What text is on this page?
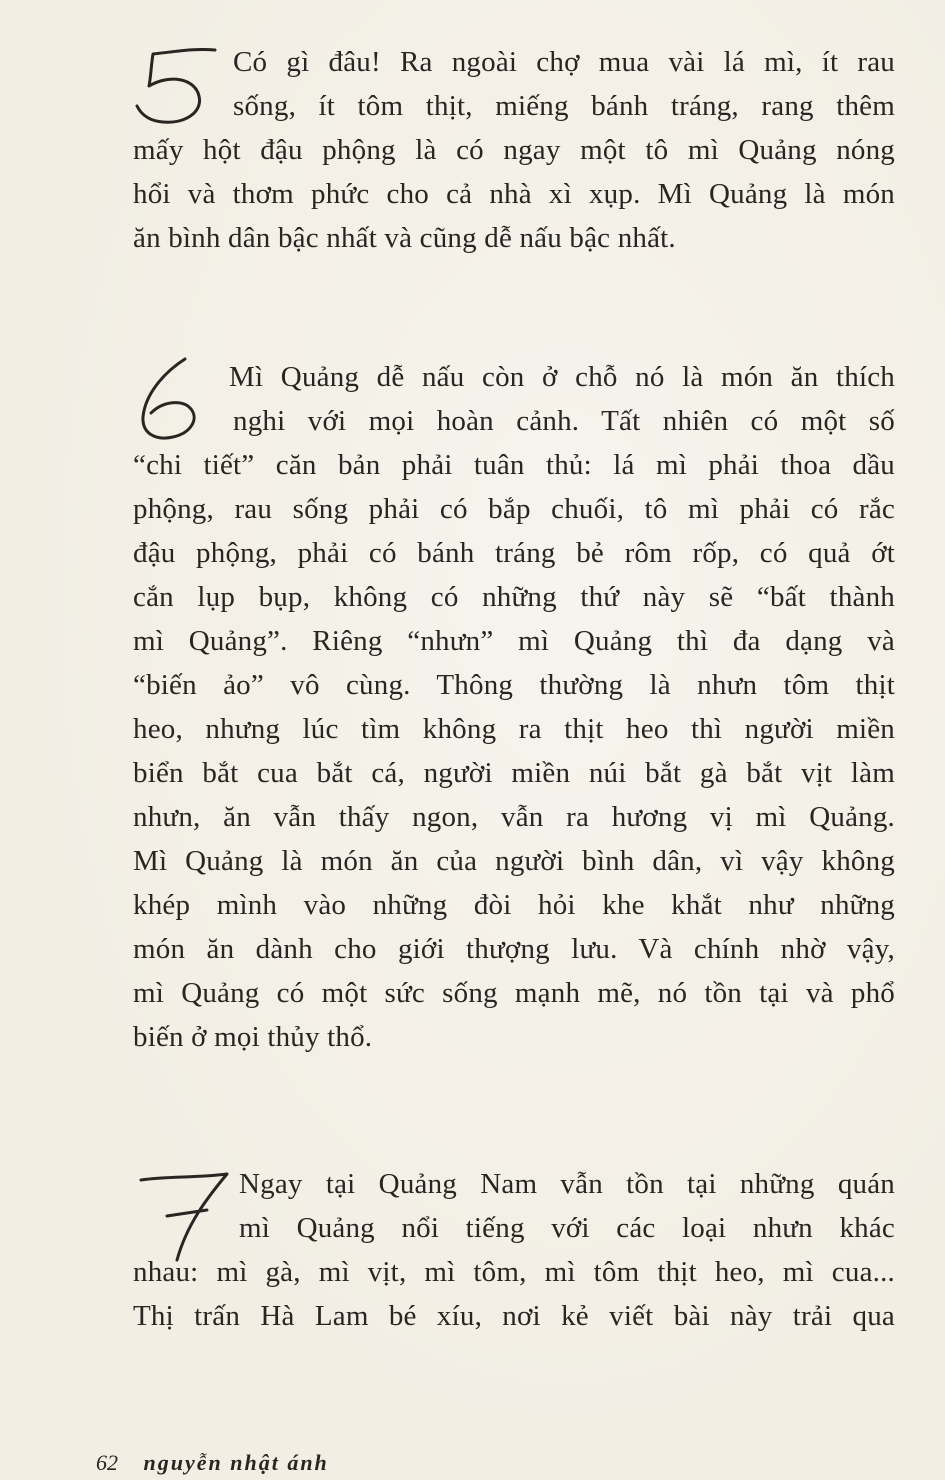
Có gì đâu! Ra ngoài chợ mua vài lá mì, ít rau
sống, ít tôm thịt, miếng bánh tráng, rang thêm
mấy hột đậu phộng là có ngay một tô mì Quảng nóng
hổi và thơm phức cho cả nhà xì xụp. Mì Quảng là món
ăn bình dân bậc nhất và cũng dễ nấu bậc nhất.
Mì Quảng dễ nấu còn ở chỗ nó là món ăn thích
nghi với mọi hoàn cảnh. Tất nhiên có một số
“chi tiết” căn bản phải tuân thủ: lá mì phải thoa dầu
phộng, rau sống phải có bắp chuối, tô mì phải có rắc
đậu phộng, phải có bánh tráng bẻ rôm rốp, có quả ớt
cắn lụp bụp, không có những thứ này sẽ “bất thành
mì Quảng”. Riêng “nhưn” mì Quảng thì đa dạng và
“biến ảo” vô cùng. Thông thường là nhưn tôm thịt
heo, nhưng lúc tìm không ra thịt heo thì người miền
biển bắt cua bắt cá, người miền núi bắt gà bắt vịt làm
nhưn, ăn vẫn thấy ngon, vẫn ra hương vị mì Quảng.
Mì Quảng là món ăn của người bình dân, vì vậy không
khép mình vào những đòi hỏi khe khắt như những
món ăn dành cho giới thượng lưu. Và chính nhờ vậy,
mì Quảng có một sức sống mạnh mẽ, nó tồn tại và phổ
biến ở mọi thủy thổ.
Ngay tại Quảng Nam vẫn tồn tại những quán
mì Quảng nổi tiếng với các loại nhưn khác
nhau: mì gà, mì vịt, mì tôm, mì tôm thịt heo, mì cua...
Thị trấn Hà Lam bé xíu, nơi kẻ viết bài này trải qua
62 nguyễn nhật ánh
